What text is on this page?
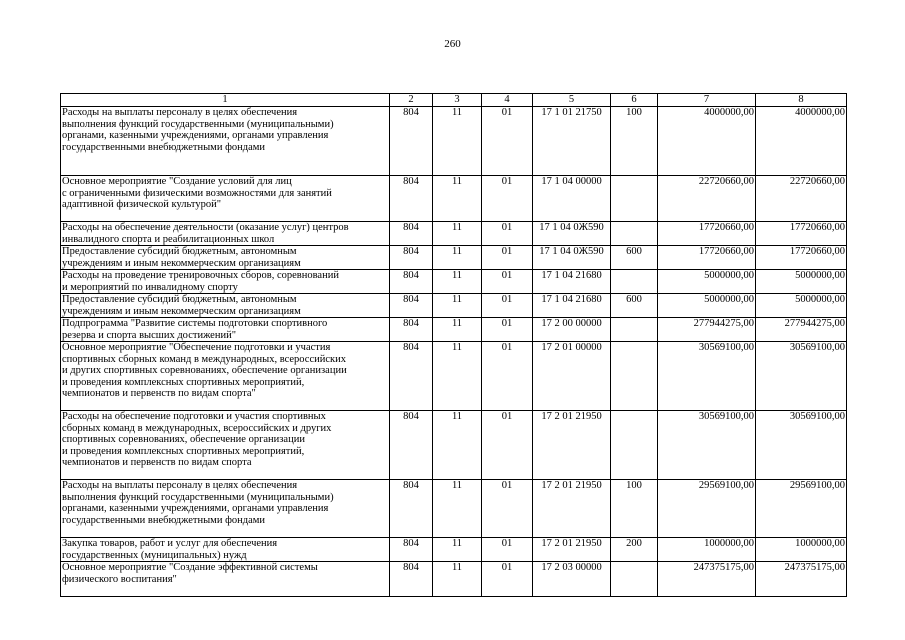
260
1	2	3	4	5	6	7	8
Расходы на выплаты персоналу в целях обеспечения
выполнения функций государственными (муниципальными)
органами, казенными учреждениями, органами управления
государственными внебюджетными фондами	804	11	01	17 1 01 21750	100	4000000,00	4000000,00
Основное мероприятие "Создание условий для лиц
с ограниченными физическими возможностями для занятий
адаптивной физической культурой"	804	11	01	17 1 04 00000		22720660,00	22720660,00
Расходы на обеспечение деятельности (оказание услуг) центров
инвалидного спорта и реабилитационных школ	804	11	01	17 1 04 0Ж590		17720660,00	17720660,00
Предоставление субсидий бюджетным, автономным
учреждениям и иным некоммерческим организациям	804	11	01	17 1 04 0Ж590	600	17720660,00	17720660,00
Расходы на проведение тренировочных сборов, соревнований
и мероприятий по инвалидному спорту	804	11	01	17 1 04 21680		5000000,00	5000000,00
Предоставление субсидий бюджетным, автономным
учреждениям и иным некоммерческим организациям	804	11	01	17 1 04 21680	600	5000000,00	5000000,00
Подпрограмма "Развитие системы подготовки спортивного
резерва и спорта высших достижений"	804	11	01	17 2 00 00000		277944275,00	277944275,00
Основное мероприятие "Обеспечение подготовки и участия
спортивных сборных команд в международных, всероссийских
и других спортивных соревнованиях, обеспечение организации
и проведения комплексных спортивных мероприятий,
чемпионатов и первенств по видам спорта"	804	11	01	17 2 01 00000		30569100,00	30569100,00
Расходы на обеспечение подготовки и участия спортивных
сборных команд в международных, всероссийских и других
спортивных соревнованиях, обеспечение организации
и проведения комплексных спортивных мероприятий,
чемпионатов и первенств по видам спорта	804	11	01	17 2 01 21950		30569100,00	30569100,00
Расходы на выплаты персоналу в целях обеспечения
выполнения функций государственными (муниципальными)
органами, казенными учреждениями, органами управления
государственными внебюджетными фондами	804	11	01	17 2 01 21950	100	29569100,00	29569100,00
Закупка товаров, работ и услуг для обеспечения
государственных (муниципальных) нужд	804	11	01	17 2 01 21950	200	1000000,00	1000000,00
Основное мероприятие "Создание эффективной системы
физического воспитания"	804	11	01	17 2 03 00000		247375175,00	247375175,00
